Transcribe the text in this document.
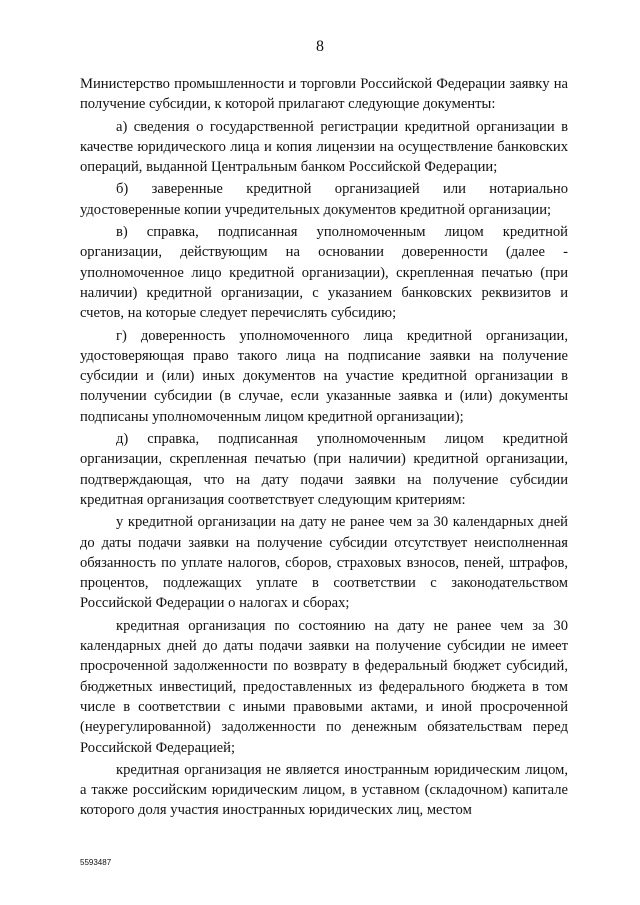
8

Министерство промышленности и торговли Российской Федерации заявку на получение субсидии, к которой прилагают следующие документы:

а) сведения о государственной регистрации кредитной организации в качестве юридического лица и копия лицензии на осуществление банковских операций, выданной Центральным банком Российской Федерации;

б) заверенные кредитной организацией или нотариально удостоверенные копии учредительных документов кредитной организации;

в) справка, подписанная уполномоченным лицом кредитной организации, действующим на основании доверенности (далее - уполномоченное лицо кредитной организации), скрепленная печатью (при наличии) кредитной организации, с указанием банковских реквизитов и счетов, на которые следует перечислять субсидию;

г) доверенность уполномоченного лица кредитной организации, удостоверяющая право такого лица на подписание заявки на получение субсидии и (или) иных документов на участие кредитной организации в получении субсидии (в случае, если указанные заявка и (или) документы подписаны уполномоченным лицом кредитной организации);

д) справка, подписанная уполномоченным лицом кредитной организации, скрепленная печатью (при наличии) кредитной организации, подтверждающая, что на дату подачи заявки на получение субсидии кредитная организация соответствует следующим критериям:

у кредитной организации на дату не ранее чем за 30 календарных дней до даты подачи заявки на получение субсидии отсутствует неисполненная обязанность по уплате налогов, сборов, страховых взносов, пеней, штрафов, процентов, подлежащих уплате в соответствии с законодательством Российской Федерации о налогах и сборах;

кредитная организация по состоянию на дату не ранее чем за 30 календарных дней до даты подачи заявки на получение субсидии не имеет просроченной задолженности по возврату в федеральный бюджет субсидий, бюджетных инвестиций, предоставленных из федерального бюджета в том числе в соответствии с иными правовыми актами, и иной просроченной (неурегулированной) задолженности по денежным обязательствам перед Российской Федерацией;

кредитная организация не является иностранным юридическим лицом, а также российским юридическим лицом, в уставном (складочном) капитале которого доля участия иностранных юридических лиц, местом

5593487
